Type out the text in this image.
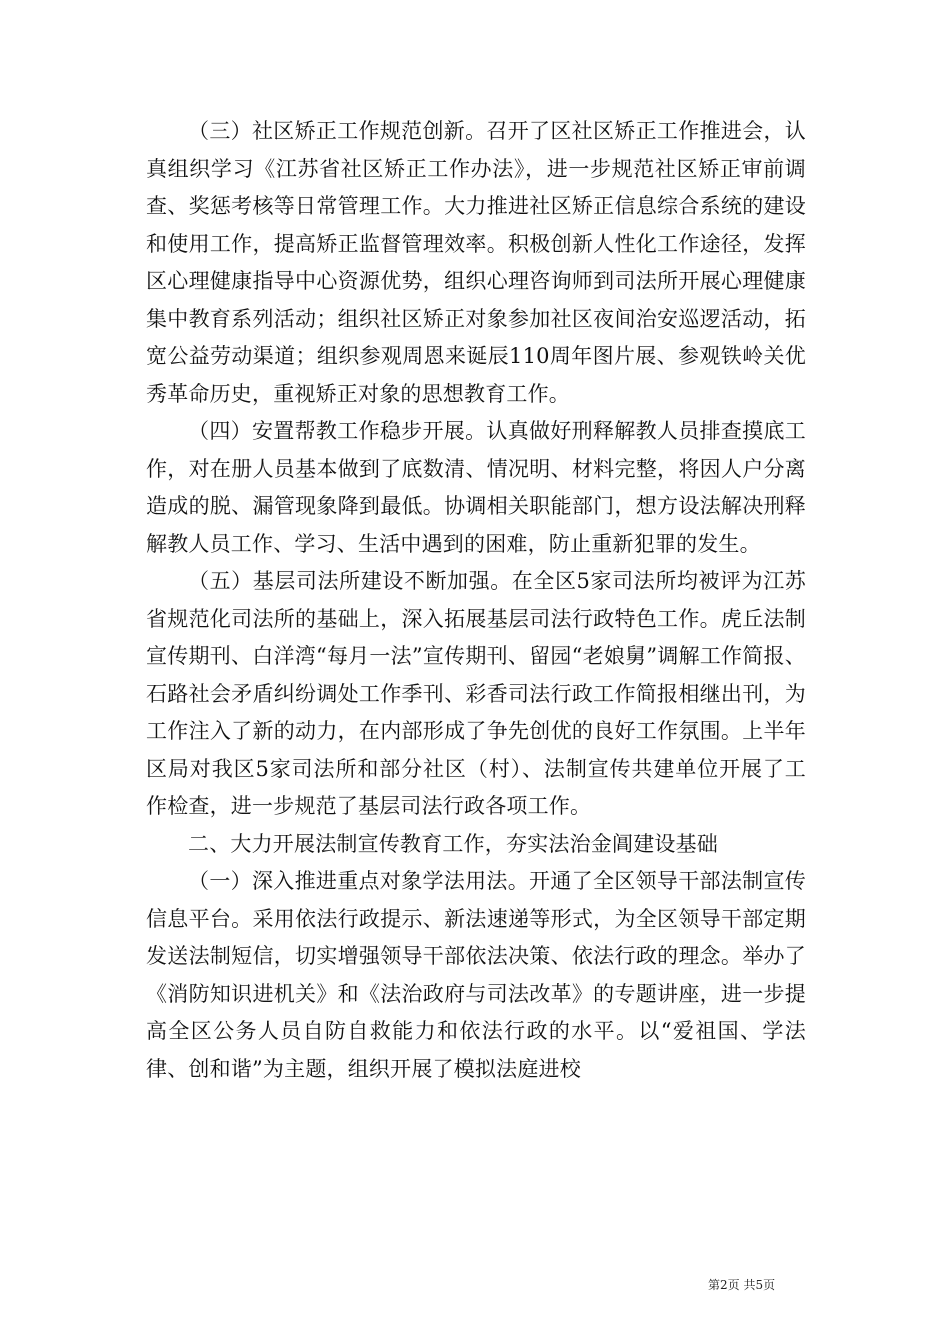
（三）社区矫正工作规范创新。召开了区社区矫正工作推进会，认真组织学习《江苏省社区矫正工作办法》，进一步规范社区矫正审前调查、奖惩考核等日常管理工作。大力推进社区矫正信息综合系统的建设和使用工作，提高矫正监督管理效率。积极创新人性化工作途径，发挥区心理健康指导中心资源优势，组织心理咨询师到司法所开展心理健康集中教育系列活动；组织社区矫正对象参加社区夜间治安巡逻活动，拓宽公益劳动渠道；组织参观周恩来诞辰110周年图片展、参观铁岭关优秀革命历史，重视矫正对象的思想教育工作。

（四）安置帮教工作稳步开展。认真做好刑释解教人员排查摸底工作，对在册人员基本做到了底数清、情况明、材料完整，将因人户分离造成的脱、漏管现象降到最低。协调相关职能部门，想方设法解决刑释解教人员工作、学习、生活中遇到的困难，防止重新犯罪的发生。

（五）基层司法所建设不断加强。在全区5家司法所均被评为江苏省规范化司法所的基础上，深入拓展基层司法行政特色工作。虎丘法制宣传期刊、白洋湾“每月一法”宣传期刊、留园“老娘舅”调解工作简报、石路社会矛盾纠纷调处工作季刊、彩香司法行政工作简报相继出刊，为工作注入了新的动力，在内部形成了争先创优的良好工作氛围。上半年区局对我区5家司法所和部分社区（村）、法制宣传共建单位开展了工作检查，进一步规范了基层司法行政各项工作。

二、大力开展法制宣传教育工作，夯实法治金阊建设基础

（一）深入推进重点对象学法用法。开通了全区领导干部法制宣传信息平台。采用依法行政提示、新法速递等形式，为全区领导干部定期发送法制短信，切实增强领导干部依法决策、依法行政的理念。举办了《消防知识进机关》和《法治政府与司法改革》的专题讲座，进一步提高全区公务人员自防自救能力和依法行政的水平。以“爱祖国、学法律、创和谐”为主题，组织开展了模拟法庭进校

第2页 共5页
